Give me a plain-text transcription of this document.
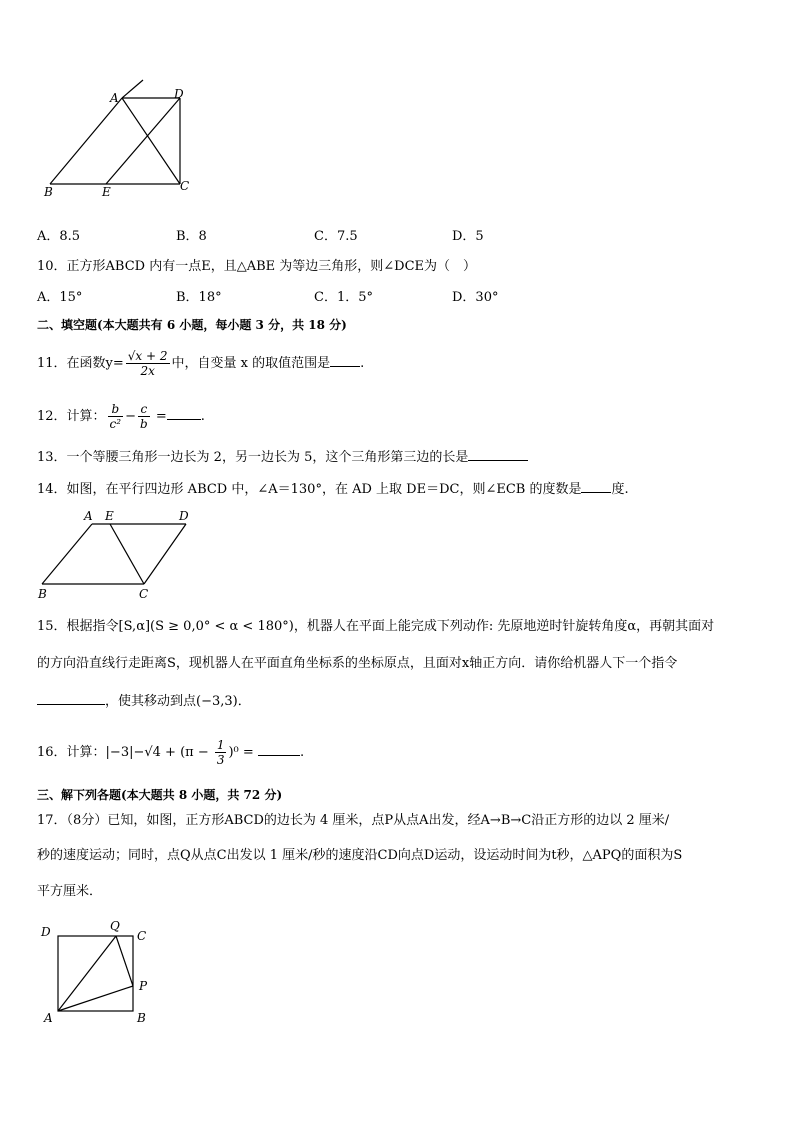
A	D
B	E	C
A．8.5	B．8	C．7.5	D．5
10．正方形ABCD 内有一点E，且△ABE 为等边三角形，则∠DCE为（　）
A．15°	B．18°	C．1．5°	D．30°
二、填空题(本大题共有 6 小题，每小题 3 分，共 18 分)
11．在函数$y= \frac{√x + 2}{2x}$ 中，自变量 x 的取值范围是 .
12．计算： $\frac{b}{\text{c²}} - \frac{c}{b}$ =	.
13．一个等腰三角形一边长为 2，另一边长为 5，这个三角形第三边的长是
14．如图，在平行四边形 ABCD 中，∠A＝130°，在 AD 上取 DE＝DC，则∠ECB 的度数是 度.
A E	D
B	C
15．根据指令[S,α](S ≥ 0,0° < α < 180°)，机器人在平面上能完成下列动作: 先原地逆时针旋转角度α，再朝其面对
的方向沿直线行走距离S，现机器人在平面直角坐标系的坐标原点，且面对x轴正方向．请你给机器人下一个指令
，使其移动到点(−3,3)．
16．计算：$|-3|-√4 + (\pi - \frac{1}{3} )^0$ =	.
三、解下列各题(本大题共 8 小题，共 72 分)
17．（8分）已知，如图，正方形ABCD的边长为 4 厘米，点P从点A出发，经A→B→C沿正方形的边以 2 厘米/
秒的速度运动；同时，点Q从点C出发以 1 厘米/秒的速度沿CD向点D运动，设运动时间为t秒，△APQ的面积为S
平方厘米．
D	Q
C
P
A	B
